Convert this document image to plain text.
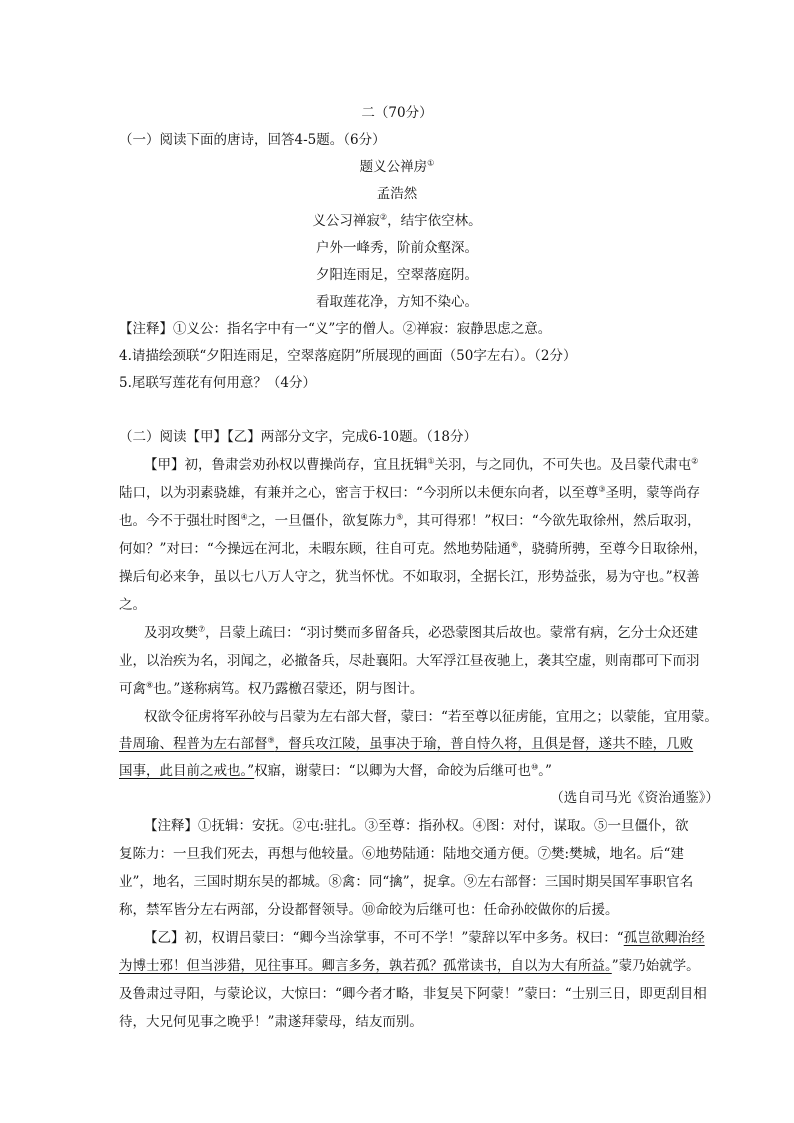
二（70分）
（一）阅读下面的唐诗，回答4-5题。（6分）
题义公禅房①
孟浩然
义公习禅寂②，结宇依空林。
户外一峰秀，阶前众壑深。
夕阳连雨足，空翠落庭阴。
看取莲花净，方知不染心。
【注释】①义公：指名字中有一“义”字的僧人。②禅寂：寂静思虑之意。
4.请描绘颈联“夕阳连雨足，空翠落庭阴”所展现的画面（50字左右）。（2分）
5.尾联写莲花有何用意？（4分）
（二）阅读【甲】【乙】两部分文字，完成6-10题。（18分）
【甲】初，鲁肃尝劝孙权以曹操尚存，宜且抚辑①关羽，与之同仇，不可失也。及吕蒙代肃屯②
陆口，以为羽素骁雄，有兼并之心，密言于权曰：“今羽所以未便东向者，以至尊③圣明，蒙等尚存
也。今不于强壮时图④之，一旦僵仆，欲复陈力⑤，其可得邪！”权曰：“今欲先取徐州，然后取羽，
何如？”对曰：“今操远在河北，未暇东顾，往自可克。然地势陆通⑥，骁骑所骋，至尊今日取徐州，
操后旬必来争，虽以七八万人守之，犹当怀忧。不如取羽，全据长江，形势益张，易为守也。”权善
之。
及羽攻樊⑦，吕蒙上疏曰：“羽讨樊而多留备兵，必恐蒙图其后故也。蒙常有病，乞分士众还建
业，以治疾为名，羽闻之，必撤备兵，尽赴襄阳。大军浮江昼夜驰上，袭其空虚，则南郡可下而羽
可禽⑧也。”遂称病笃。权乃露檄召蒙还，阴与图计。
权欲令征虏将军孙皎与吕蒙为左右部大督，蒙曰：“若至尊以征虏能，宜用之；以蒙能，宜用蒙。
昔周瑜、程普为左右部督⑨，督兵攻江陵，虽事决于瑜，普自恃久将，且俱是督，遂共不睦，几败
国事，此目前之戒也。”权寤，谢蒙曰：“以卿为大督，命皎为后继可也⑩。”
（选自司马光《资治通鉴》）
【注释】①抚辑：安抚。②屯:驻扎。③至尊：指孙权。④图：对付，谋取。⑤一旦僵仆，欲
复陈力：一旦我们死去，再想与他较量。⑥地势陆通：陆地交通方便。⑦樊:樊城，地名。后“建
业”，地名，三国时期东吴的都城。⑧禽：同“擒”，捉拿。⑨左右部督：三国时期吴国军事职官名
称，禁军皆分左右两部，分设都督领导。⑩命皎为后继可也：任命孙皎做你的后援。
【乙】初，权谓吕蒙曰：“卿今当涂掌事，不可不学！”蒙辞以军中多务。权曰：“孤岂欲卿治经
为博士邪！但当涉猎，见往事耳。卿言多务，孰若孤？孤常读书，自以为大有所益。”蒙乃始就学。
及鲁肃过寻阳，与蒙论议，大惊曰：“卿今者才略，非复吴下阿蒙！”蒙曰：“士别三日，即更刮目相
待，大兄何见事之晚乎！”肃遂拜蒙母，结友而别。
